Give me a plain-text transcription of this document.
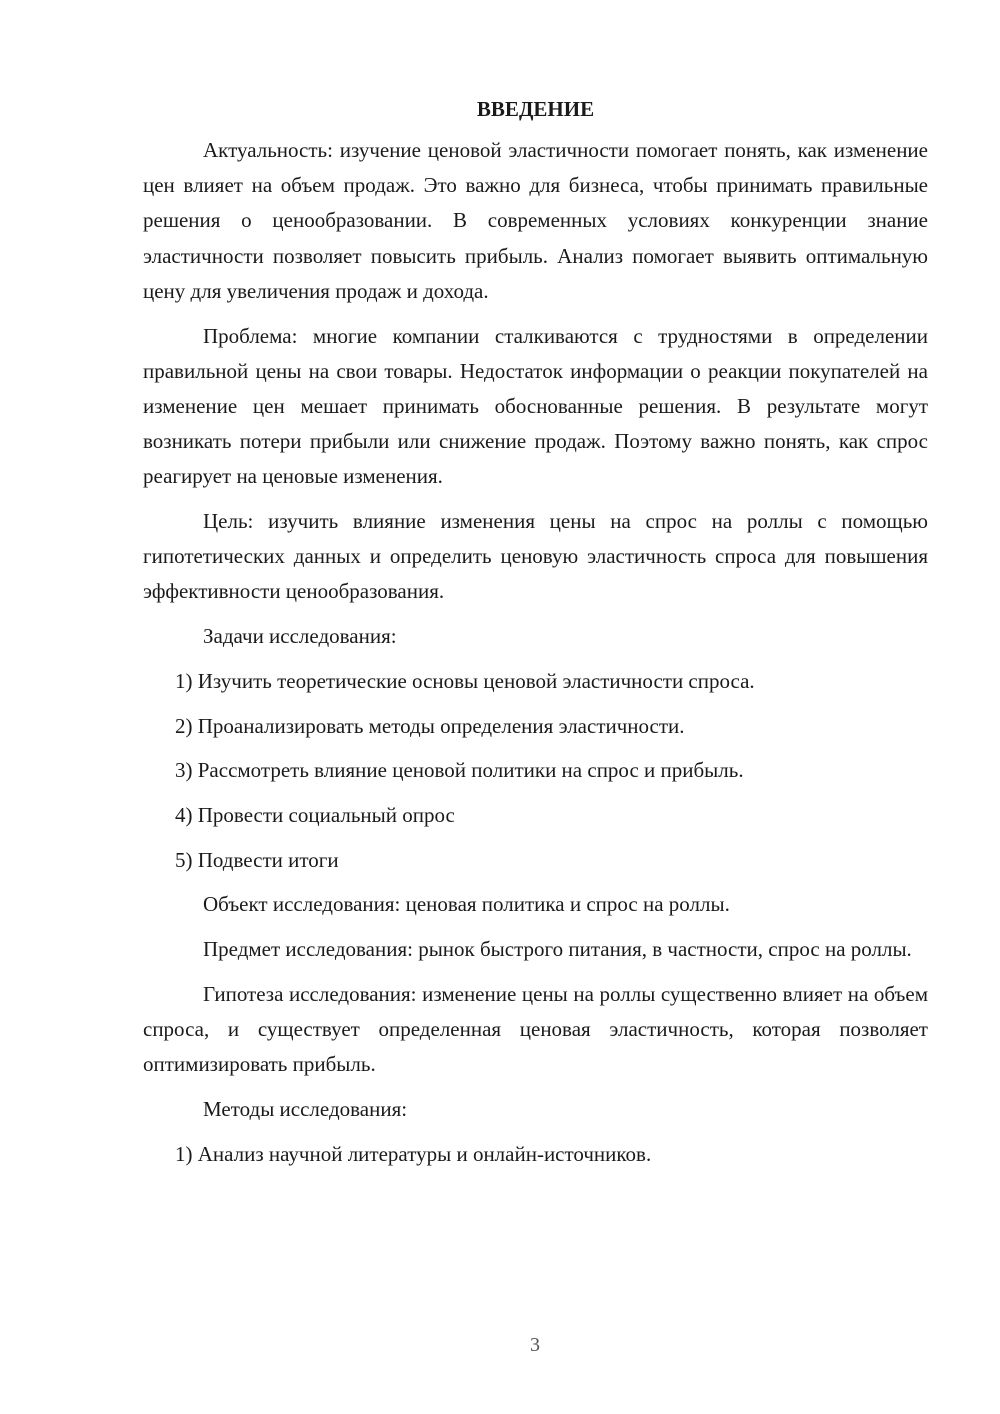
ВВЕДЕНИЕ

Актуальность: изучение ценовой эластичности помогает понять, как изменение цен влияет на объем продаж. Это важно для бизнеса, чтобы принимать правильные решения о ценообразовании. В современных условиях конкуренции знание эластичности позволяет повысить прибыль. Анализ помогает выявить оптимальную цену для увеличения продаж и дохода.

Проблема: многие компании сталкиваются с трудностями в определении правильной цены на свои товары. Недостаток информации о реакции покупателей на изменение цен мешает принимать обоснованные решения. В результате могут возникать потери прибыли или снижение продаж. Поэтому важно понять, как спрос реагирует на ценовые изменения.

Цель: изучить влияние изменения цены на спрос на роллы с помощью гипотетических данных и определить ценовую эластичность спроса для повышения эффективности ценообразования.

Задачи исследования:

1) Изучить теоретические основы ценовой эластичности спроса.

2) Проанализировать методы определения эластичности.

3) Рассмотреть влияние ценовой политики на спрос и прибыль.

4) Провести социальный опрос

5) Подвести итоги

Объект исследования: ценовая политика и спрос на роллы.

Предмет исследования: рынок быстрого питания, в частности, спрос на роллы.

Гипотеза исследования: изменение цены на роллы существенно влияет на объем спроса, и существует определенная ценовая эластичность, которая позволяет оптимизировать прибыль.

Методы исследования:

1) Анализ научной литературы и онлайн-источников.

3
